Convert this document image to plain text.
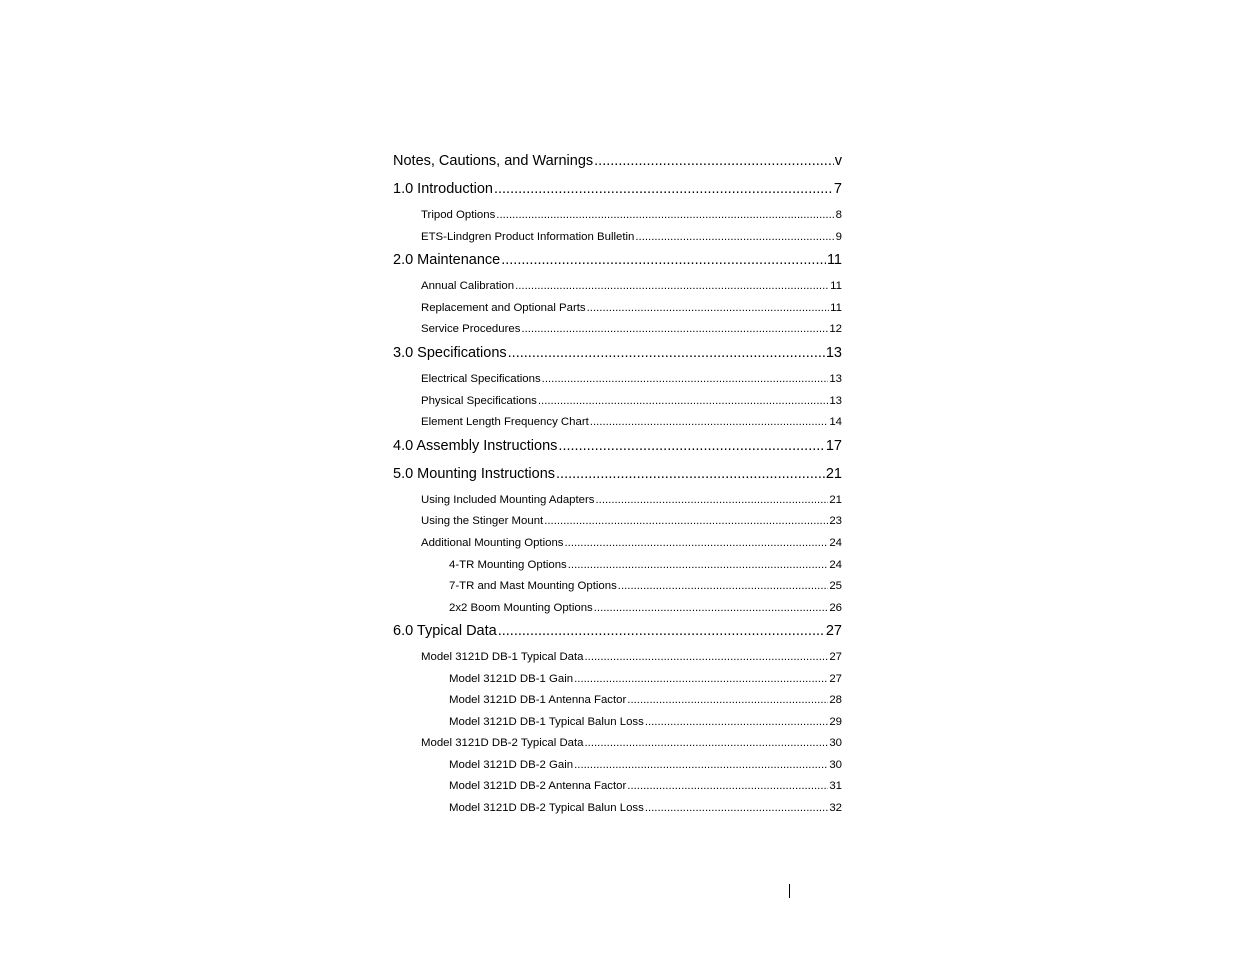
Notes, Cautions, and Warnings .....	v
1.0 Introduction .....	7
Tripod Options .....	8
ETS-Lindgren Product Information Bulletin .....	9
2.0 Maintenance .....	11
Annual Calibration .....	11
Replacement and Optional Parts .....	11
Service Procedures .....	12
3.0 Specifications .....	13
Electrical Specifications .....	13
Physical Specifications .....	13
Element Length Frequency Chart .....	14
4.0 Assembly Instructions .....	17
5.0 Mounting Instructions .....	21
Using Included Mounting Adapters .....	21
Using the Stinger Mount .....	23
Additional Mounting Options .....	24
4-TR Mounting Options .....	24
7-TR and Mast Mounting Options .....	25
2x2 Boom Mounting Options .....	26
6.0 Typical Data .....	27
Model 3121D DB-1 Typical Data .....	27
Model 3121D DB-1 Gain .....	27
Model 3121D DB-1 Antenna Factor .....	28
Model 3121D DB-1 Typical Balun Loss .....	29
Model 3121D DB-2 Typical Data .....	30
Model 3121D DB-2 Gain .....	30
Model 3121D DB-2 Antenna Factor .....	31
Model 3121D DB-2 Typical Balun Loss .....	32
